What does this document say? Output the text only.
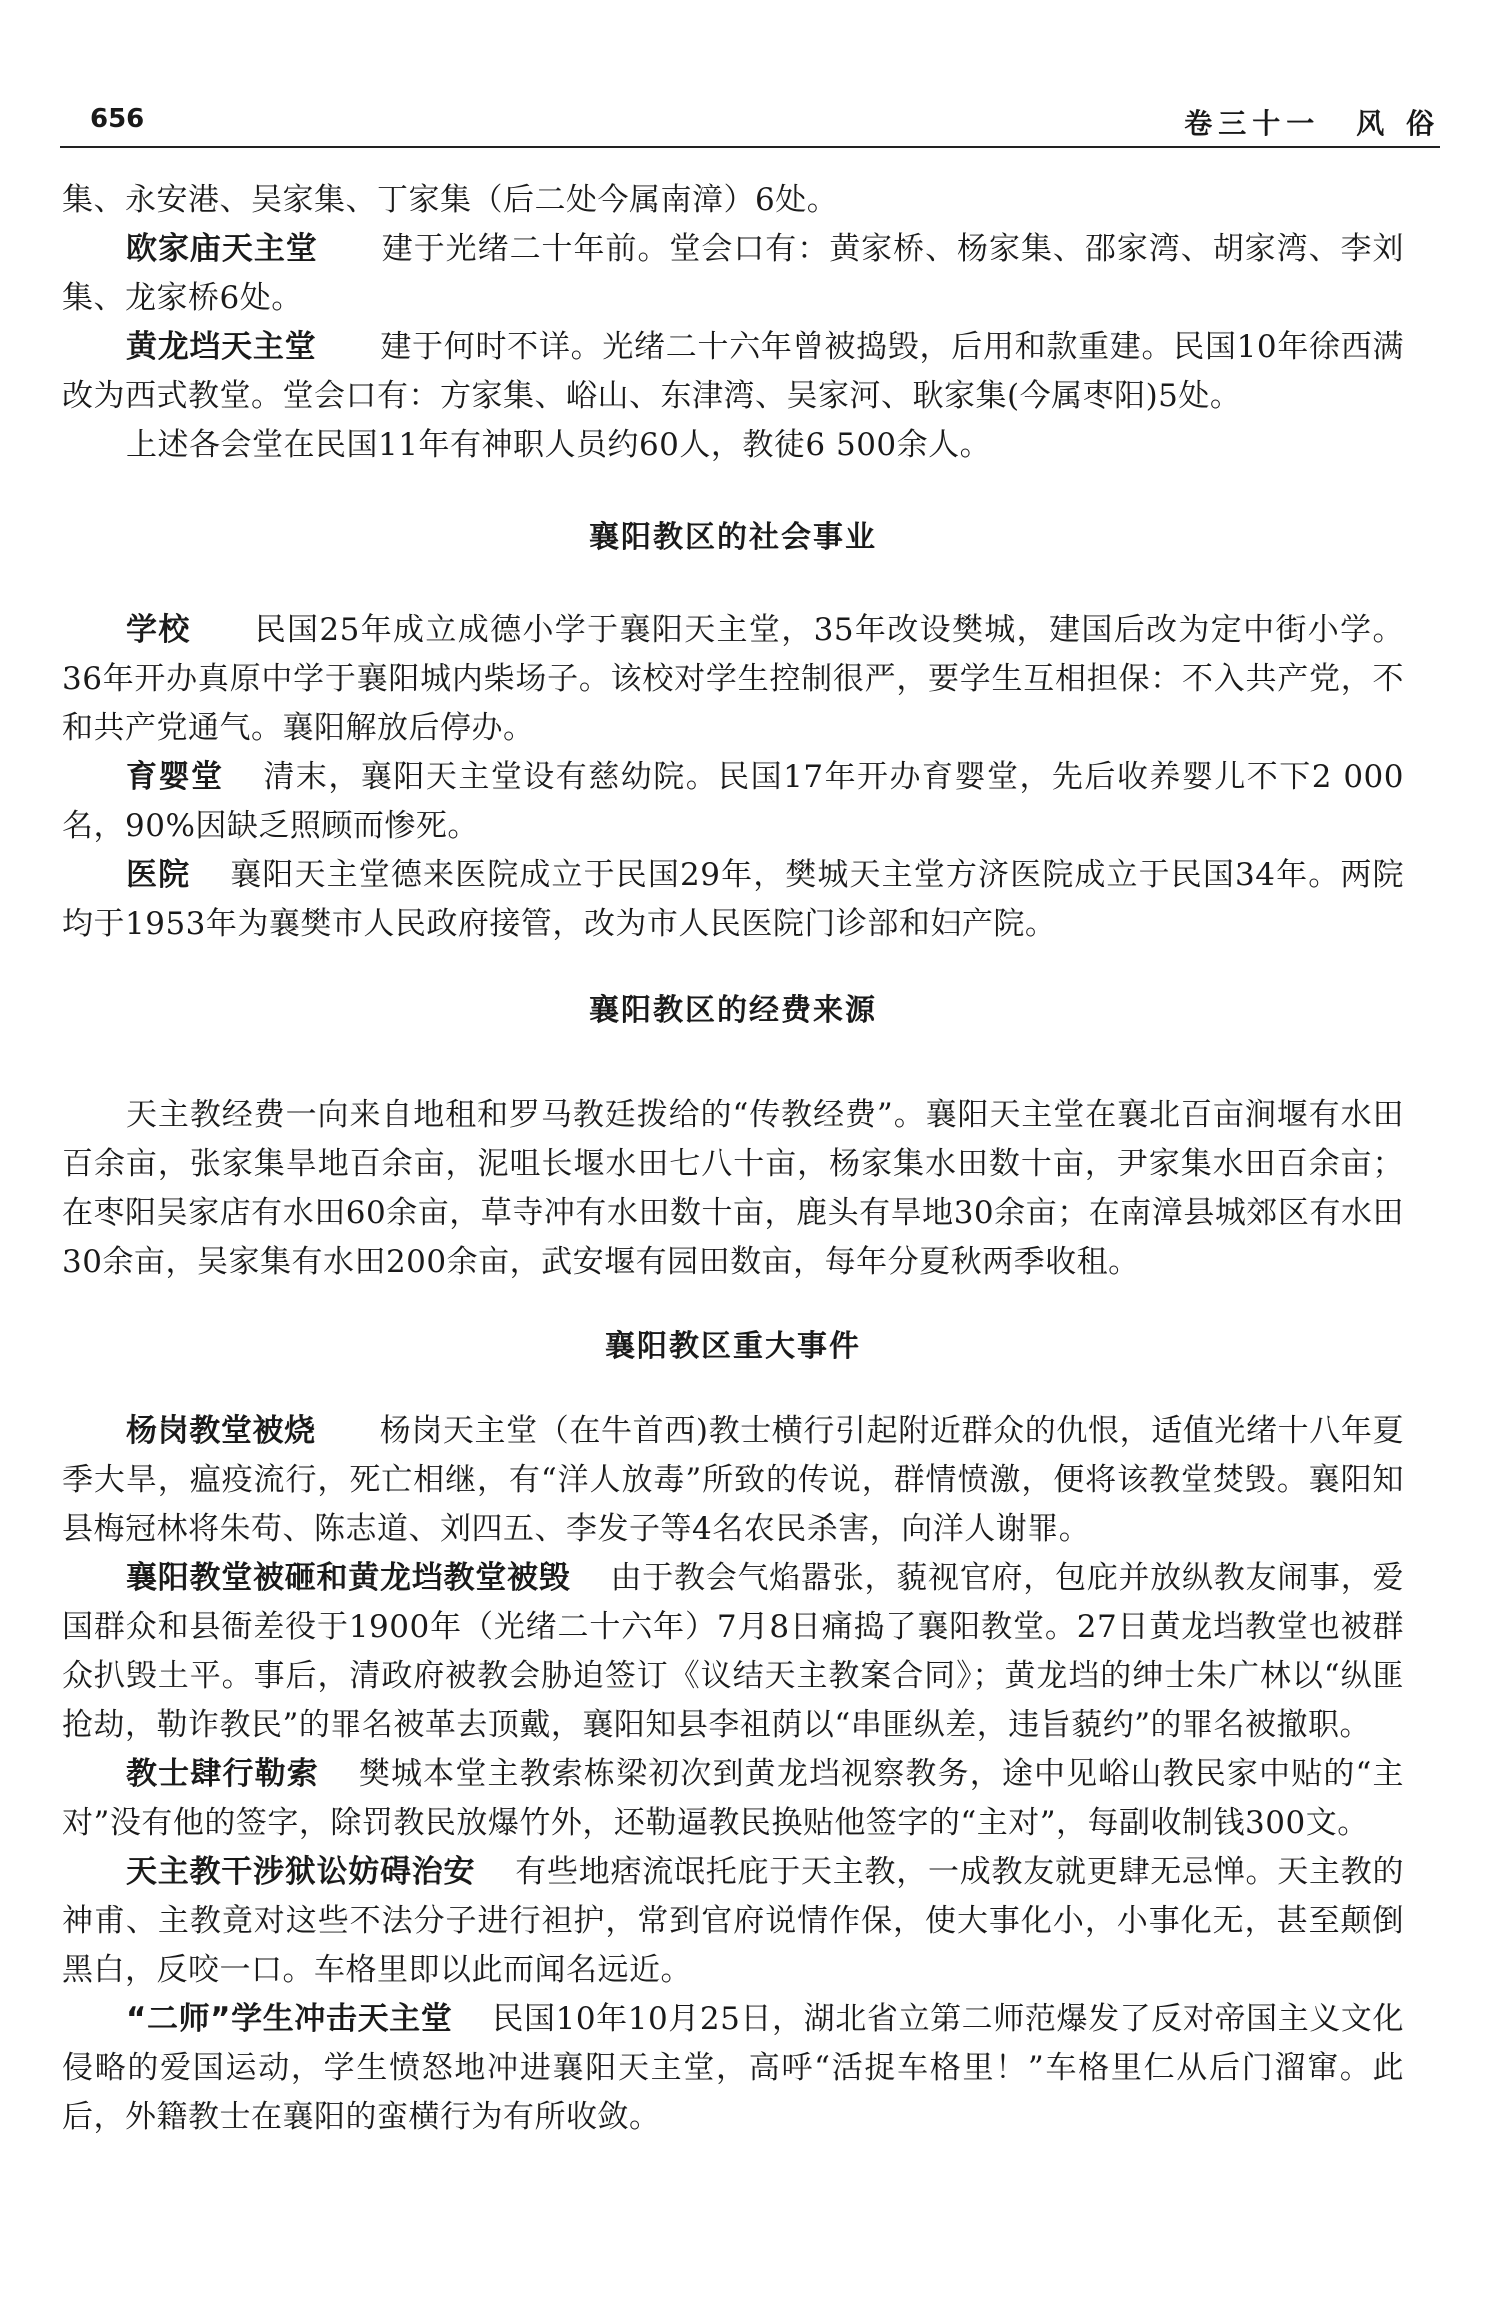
656	卷三十一 风 俗

集、永安港、吴家集、丁家集（后二处今属南漳）6处。

欧家庙天主堂 建于光绪二十年前。堂会口有：黄家桥、杨家集、邵家湾、胡家湾、李刘集、龙家桥6处。

黄龙垱天主堂 建于何时不详。光绪二十六年曾被捣毁，后用和款重建。民国10年徐西满改为西式教堂。堂会口有：方家集、峪山、东津湾、吴家河、耿家集(今属枣阳)5处。

上述各会堂在民国11年有神职人员约60人，教徒6 500余人。

襄阳教区的社会事业

学校 民国25年成立成德小学于襄阳天主堂，35年改设樊城，建国后改为定中街小学。36年开办真原中学于襄阳城内柴场子。该校对学生控制很严，要学生互相担保：不入共产党，不和共产党通气。襄阳解放后停办。

育婴堂 清末，襄阳天主堂设有慈幼院。民国17年开办育婴堂，先后收养婴儿不下2 000名，90%因缺乏照顾而惨死。

医院 襄阳天主堂德来医院成立于民国29年，樊城天主堂方济医院成立于民国34年。两院均于1953年为襄樊市人民政府接管，改为市人民医院门诊部和妇产院。

襄阳教区的经费来源

天主教经费一向来自地租和罗马教廷拨给的“传教经费”。襄阳天主堂在襄北百亩涧堰有水田百余亩，张家集旱地百余亩，泥咀长堰水田七八十亩，杨家集水田数十亩，尹家集水田百余亩；在枣阳吴家店有水田60余亩，草寺冲有水田数十亩，鹿头有旱地30余亩；在南漳县城郊区有水田30余亩，吴家集有水田200余亩，武安堰有园田数亩，每年分夏秋两季收租。

襄阳教区重大事件

杨岗教堂被烧 杨岗天主堂（在牛首西)教士横行引起附近群众的仇恨，适值光绪十八年夏季大旱，瘟疫流行，死亡相继，有“洋人放毒”所致的传说，群情愤激，便将该教堂焚毁。襄阳知县梅冠林将朱苟、陈志道、刘四五、李发子等4名农民杀害，向洋人谢罪。

襄阳教堂被砸和黄龙垱教堂被毁 由于教会气焰嚣张，藐视官府，包庇并放纵教友闹事，爱国群众和县衙差役于1900年（光绪二十六年）7月8日痛捣了襄阳教堂。27日黄龙垱教堂也被群众扒毁土平。事后，清政府被教会胁迫签订《议结天主教案合同》；黄龙垱的绅士朱广林以“纵匪抢劫，勒诈教民”的罪名被革去顶戴，襄阳知县李祖荫以“串匪纵差，违旨藐约”的罪名被撤职。

教士肆行勒索 樊城本堂主教索栋梁初次到黄龙垱视察教务，途中见峪山教民家中贴的“主对”没有他的签字，除罚教民放爆竹外，还勒逼教民换贴他签字的“主对”，每副收制钱300文。

天主教干涉狱讼妨碍治安 有些地痞流氓托庇于天主教，一成教友就更肆无忌惮。天主教的神甫、主教竟对这些不法分子进行袒护，常到官府说情作保，使大事化小，小事化无，甚至颠倒黑白，反咬一口。车格里即以此而闻名远近。

“二师”学生冲击天主堂 民国10年10月25日，湖北省立第二师范爆发了反对帝国主义文化侵略的爱国运动，学生愤怒地冲进襄阳天主堂，高呼“活捉车格里！”车格里仁从后门溜窜。此后，外籍教士在襄阳的蛮横行为有所收敛。
